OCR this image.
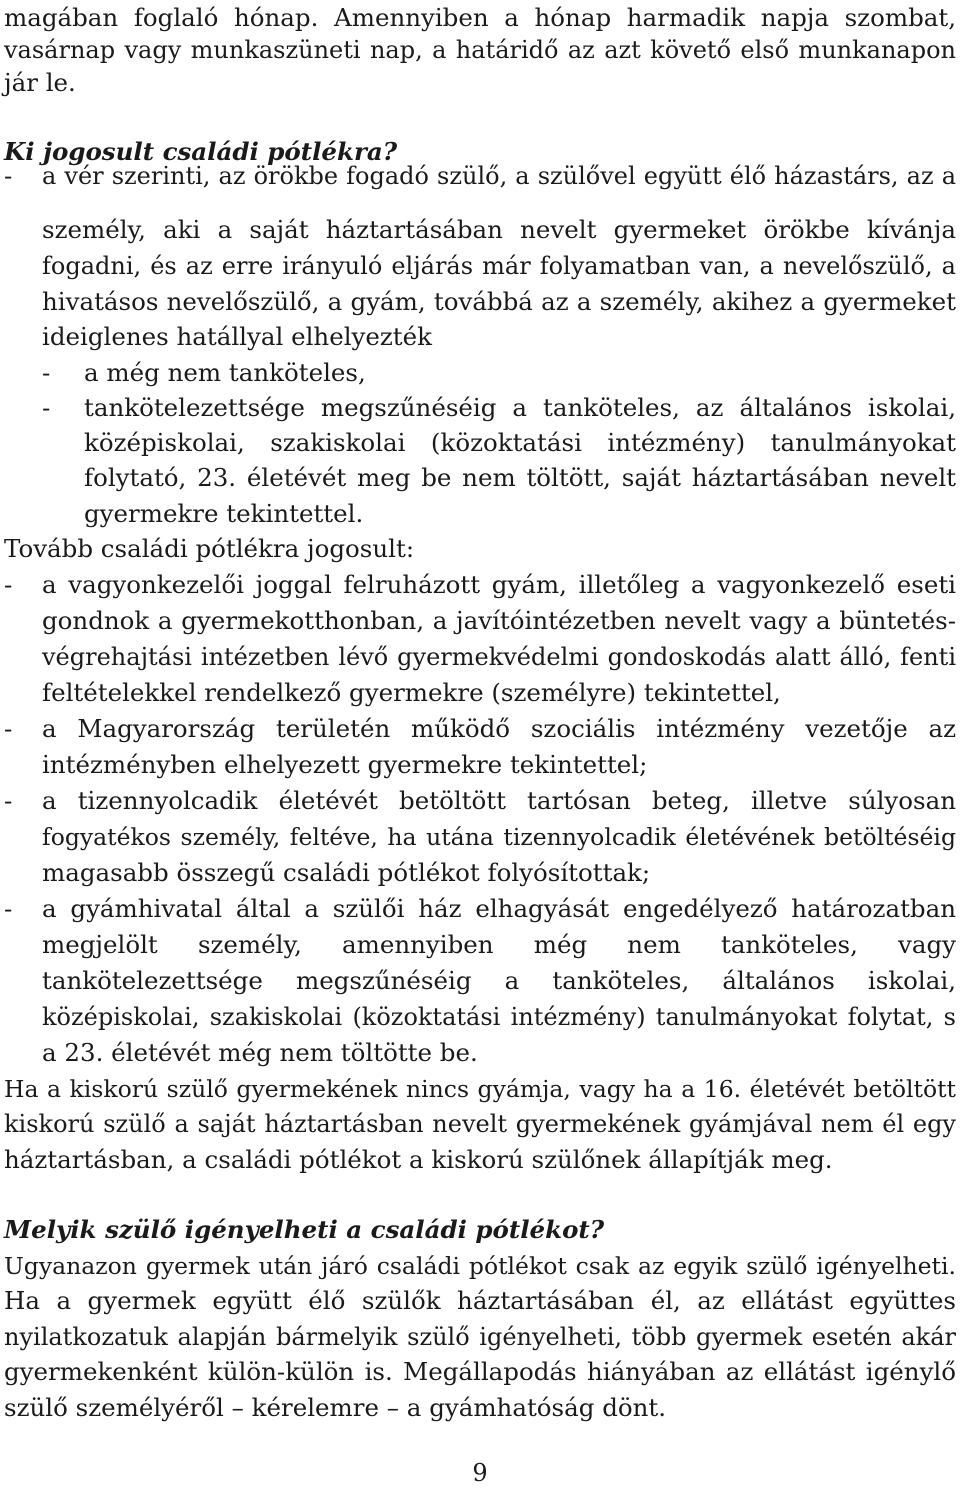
magában foglaló hónap. Amennyiben a hónap harmadik napja szombat,
vasárnap vagy munkaszüneti nap, a határidő az azt követő első munkanapon
jár le.
Ki jogosult családi pótlékra?
- a vér szerinti, az örökbe fogadó szülő, a szülővel együtt élő házastárs, az a
személy, aki a saját háztartásában nevelt gyermeket örökbe kívánja
fogadni, és az erre irányuló eljárás már folyamatban van, a nevelőszülő, a
hivatásos nevelőszülő, a gyám, továbbá az a személy, akihez a gyermeket
ideiglenes hatállyal elhelyezték
- a még nem tanköteles,
- tankötelezettsége megszűnéséig a tanköteles, az általános iskolai,
középiskolai, szakiskolai (közoktatási intézmény) tanulmányokat
folytató, 23. életévét meg be nem töltött, saját háztartásában nevelt
gyermekre tekintettel.
Tovább családi pótlékra jogosult:
- a vagyonkezelői joggal felruházott gyám, illetőleg a vagyonkezelő eseti
gondnok a gyermekotthonban, a javítóintézetben nevelt vagy a büntetés-
végrehajtási intézetben lévő gyermekvédelmi gondoskodás alatt álló, fenti
feltételekkel rendelkező gyermekre (személyre) tekintettel,
- a Magyarország területén működő szociális intézmény vezetője az
intézményben elhelyezett gyermekre tekintettel;
- a tizennyolcadik életévét betöltött tartósan beteg, illetve súlyosan
fogyatékos személy, feltéve, ha utána tizennyolcadik életévének betöltéséig
magasabb összegű családi pótlékot folyósítottak;
- a gyámhivatal által a szülői ház elhagyását engedélyező határozatban
megjelölt személy, amennyiben még nem tanköteles, vagy
tankötelezettsége megszűnéséig a tanköteles, általános iskolai,
középiskolai, szakiskolai (közoktatási intézmény) tanulmányokat folytat, s
a 23. életévét még nem töltötte be.
Ha a kiskorú szülő gyermekének nincs gyámja, vagy ha a 16. életévét betöltött
kiskorú szülő a saját háztartásban nevelt gyermekének gyámjával nem él egy
háztartásban, a családi pótlékot a kiskorú szülőnek állapítják meg.
Melyik szülő igényelheti a családi pótlékot?
Ugyanazon gyermek után járó családi pótlékot csak az egyik szülő igényelheti.
Ha a gyermek együtt élő szülők háztartásában él, az ellátást együttes
nyilatkozatuk alapján bármelyik szülő igényelheti, több gyermek esetén akár
gyermekenként külön-külön is. Megállapodás hiányában az ellátást igénylő
szülő személyéről – kérelemre – a gyámhatóság dönt.
9
